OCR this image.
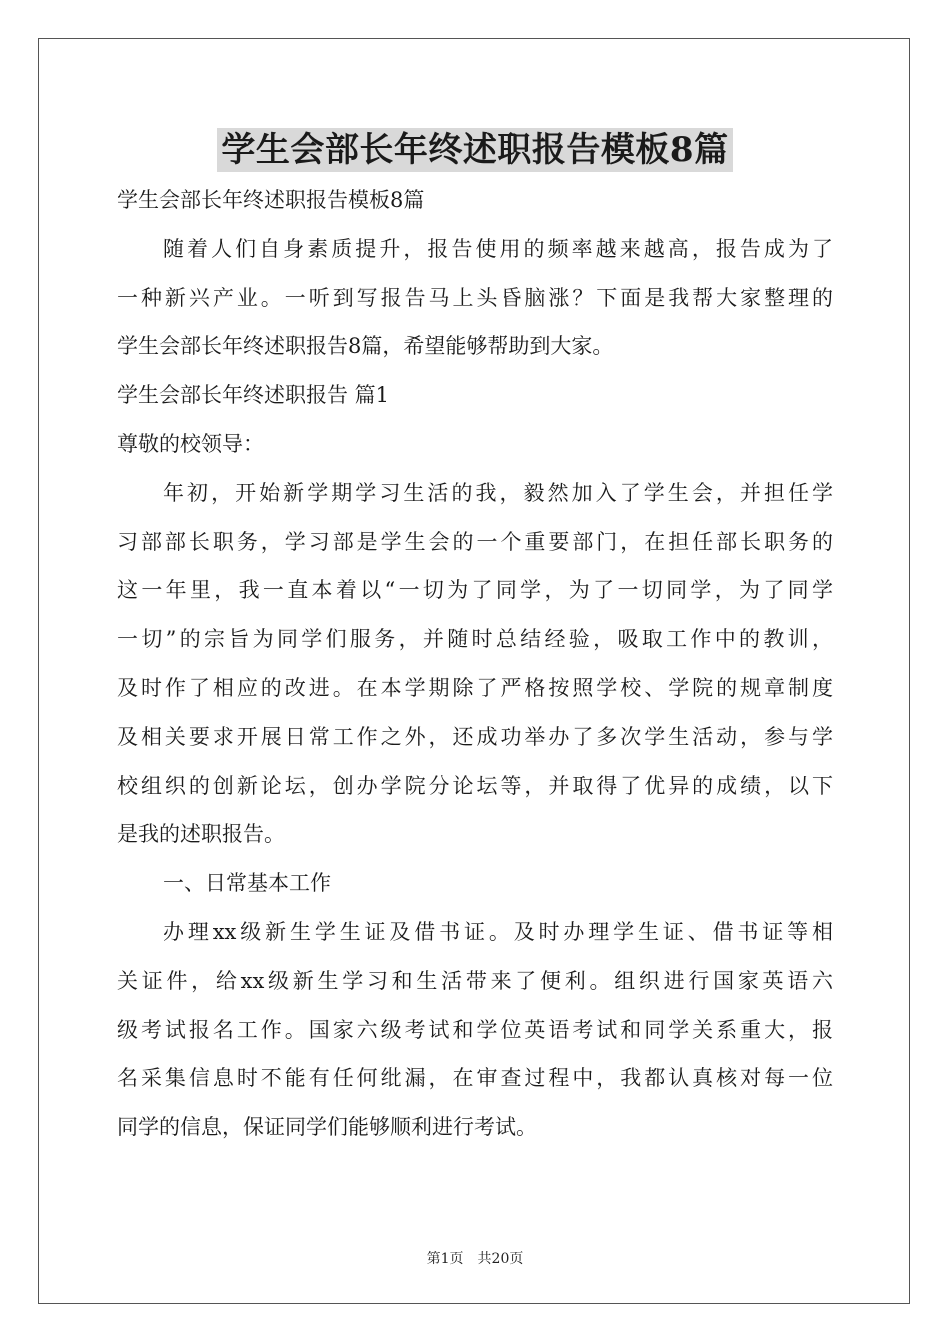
学生会部长年终述职报告模板8篇
学生会部长年终述职报告模板8篇
随着人们自身素质提升，报告使用的频率越来越高，报告成为了
一种新兴产业。一听到写报告马上头昏脑涨？下面是我帮大家整理的
学生会部长年终述职报告8篇，希望能够帮助到大家。
学生会部长年终述职报告 篇1
尊敬的校领导：
年初，开始新学期学习生活的我，毅然加入了学生会，并担任学
习部部长职务，学习部是学生会的一个重要部门，在担任部长职务的
这一年里，我一直本着以“一切为了同学，为了一切同学，为了同学
一切”的宗旨为同学们服务，并随时总结经验，吸取工作中的教训，
及时作了相应的改进。在本学期除了严格按照学校、学院的规章制度
及相关要求开展日常工作之外，还成功举办了多次学生活动，参与学
校组织的创新论坛，创办学院分论坛等，并取得了优异的成绩，以下
是我的述职报告。
一、日常基本工作
办理xx级新生学生证及借书证。及时办理学生证、借书证等相
关证件，给xx级新生学习和生活带来了便利。组织进行国家英语六
级考试报名工作。国家六级考试和学位英语考试和同学关系重大，报
名采集信息时不能有任何纰漏，在审查过程中，我都认真核对每一位
同学的信息，保证同学们能够顺利进行考试。
第1页　共20页
